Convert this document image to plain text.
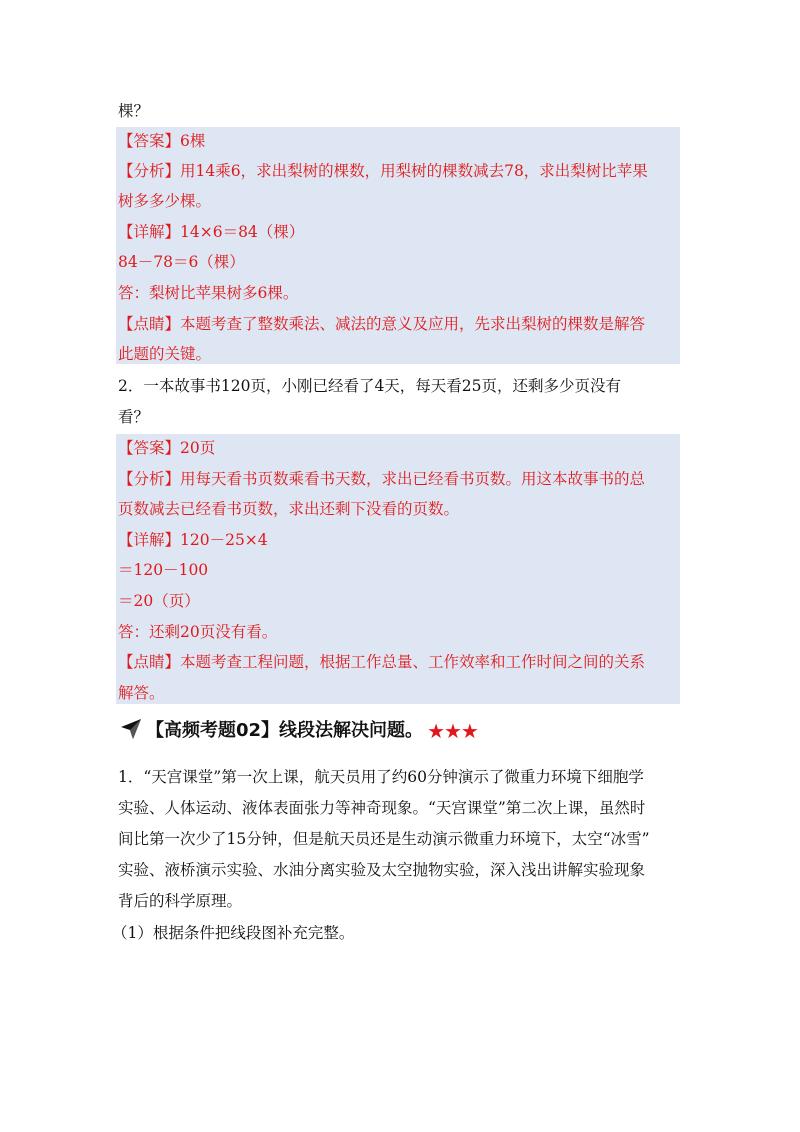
棵？
【答案】6棵
【分析】用14乘6，求出梨树的棵数，用梨树的棵数减去78，求出梨树比苹果
树多多少棵。
【详解】14×6＝84（棵）
84－78＝6（棵）
答：梨树比苹果树多6棵。
【点睛】本题考查了整数乘法、减法的意义及应用，先求出梨树的棵数是解答
此题的关键。
2．一本故事书120页，小刚已经看了4天，每天看25页，还剩多少页没有
看？
【答案】20页
【分析】用每天看书页数乘看书天数，求出已经看书页数。用这本故事书的总
页数减去已经看书页数，求出还剩下没看的页数。
【详解】120－25×4
＝120－100
＝20（页）
答：还剩20页没有看。
【点睛】本题考查工程问题，根据工作总量、工作效率和工作时间之间的关系
解答。
【高频考题02】线段法解决问题。 ★★★
1．“天宫课堂”第一次上课，航天员用了约60分钟演示了微重力环境下细胞学
实验、人体运动、液体表面张力等神奇现象。“天宫课堂”第二次上课，虽然时
间比第一次少了15分钟，但是航天员还是生动演示微重力环境下，太空“冰雪”
实验、液桥演示实验、水油分离实验及太空抛物实验，深入浅出讲解实验现象
背后的科学原理。
（1）根据条件把线段图补充完整。
